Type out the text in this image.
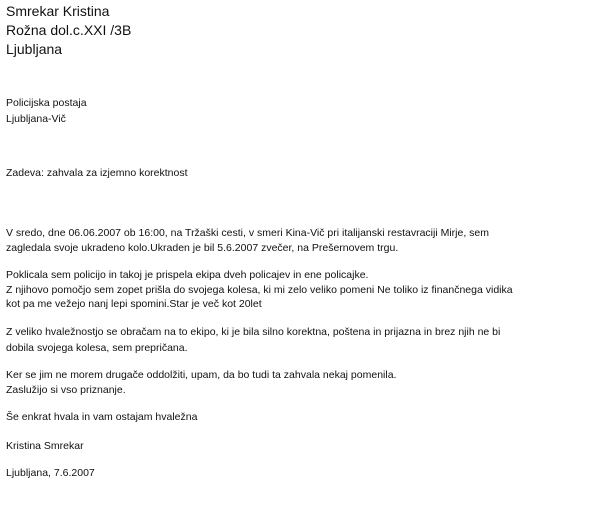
Smrekar Kristina
Rožna dol.c.XXI /3B
Ljubljana
Policijska postaja
Ljubljana-Vič
Zadeva: zahvala za izjemno korektnost
V sredo, dne 06.06.2007 ob 16:00, na Tržaški cesti, v smeri Kina-Vič pri italijanski restavraciji Mirje, sem
zagledala svoje ukradeno kolo.Ukraden je bil 5.6.2007 zvečer, na Prešernovem trgu.
Poklicala sem policijo in takoj je prispela ekipa dveh policajev in ene policajke.
Z njihovo pomočjo sem zopet prišla do svojega kolesa, ki mi zelo veliko pomeni Ne toliko iz finančnega vidika
kot pa me vežejo nanj lepi spomini.Star je več kot 20let
Z veliko hvaležnostjo se obračam na to ekipo, ki je bila silno korektna, poštena in prijazna in brez njih ne bi
dobila svojega kolesa, sem prepričana.
Ker se jim ne morem drugače oddolžiti, upam, da bo tudi ta zahvala nekaj pomenila.
Zaslužijo si vso priznanje.
Še enkrat hvala in vam ostajam hvaležna
Kristina Smrekar
Ljubljana, 7.6.2007
